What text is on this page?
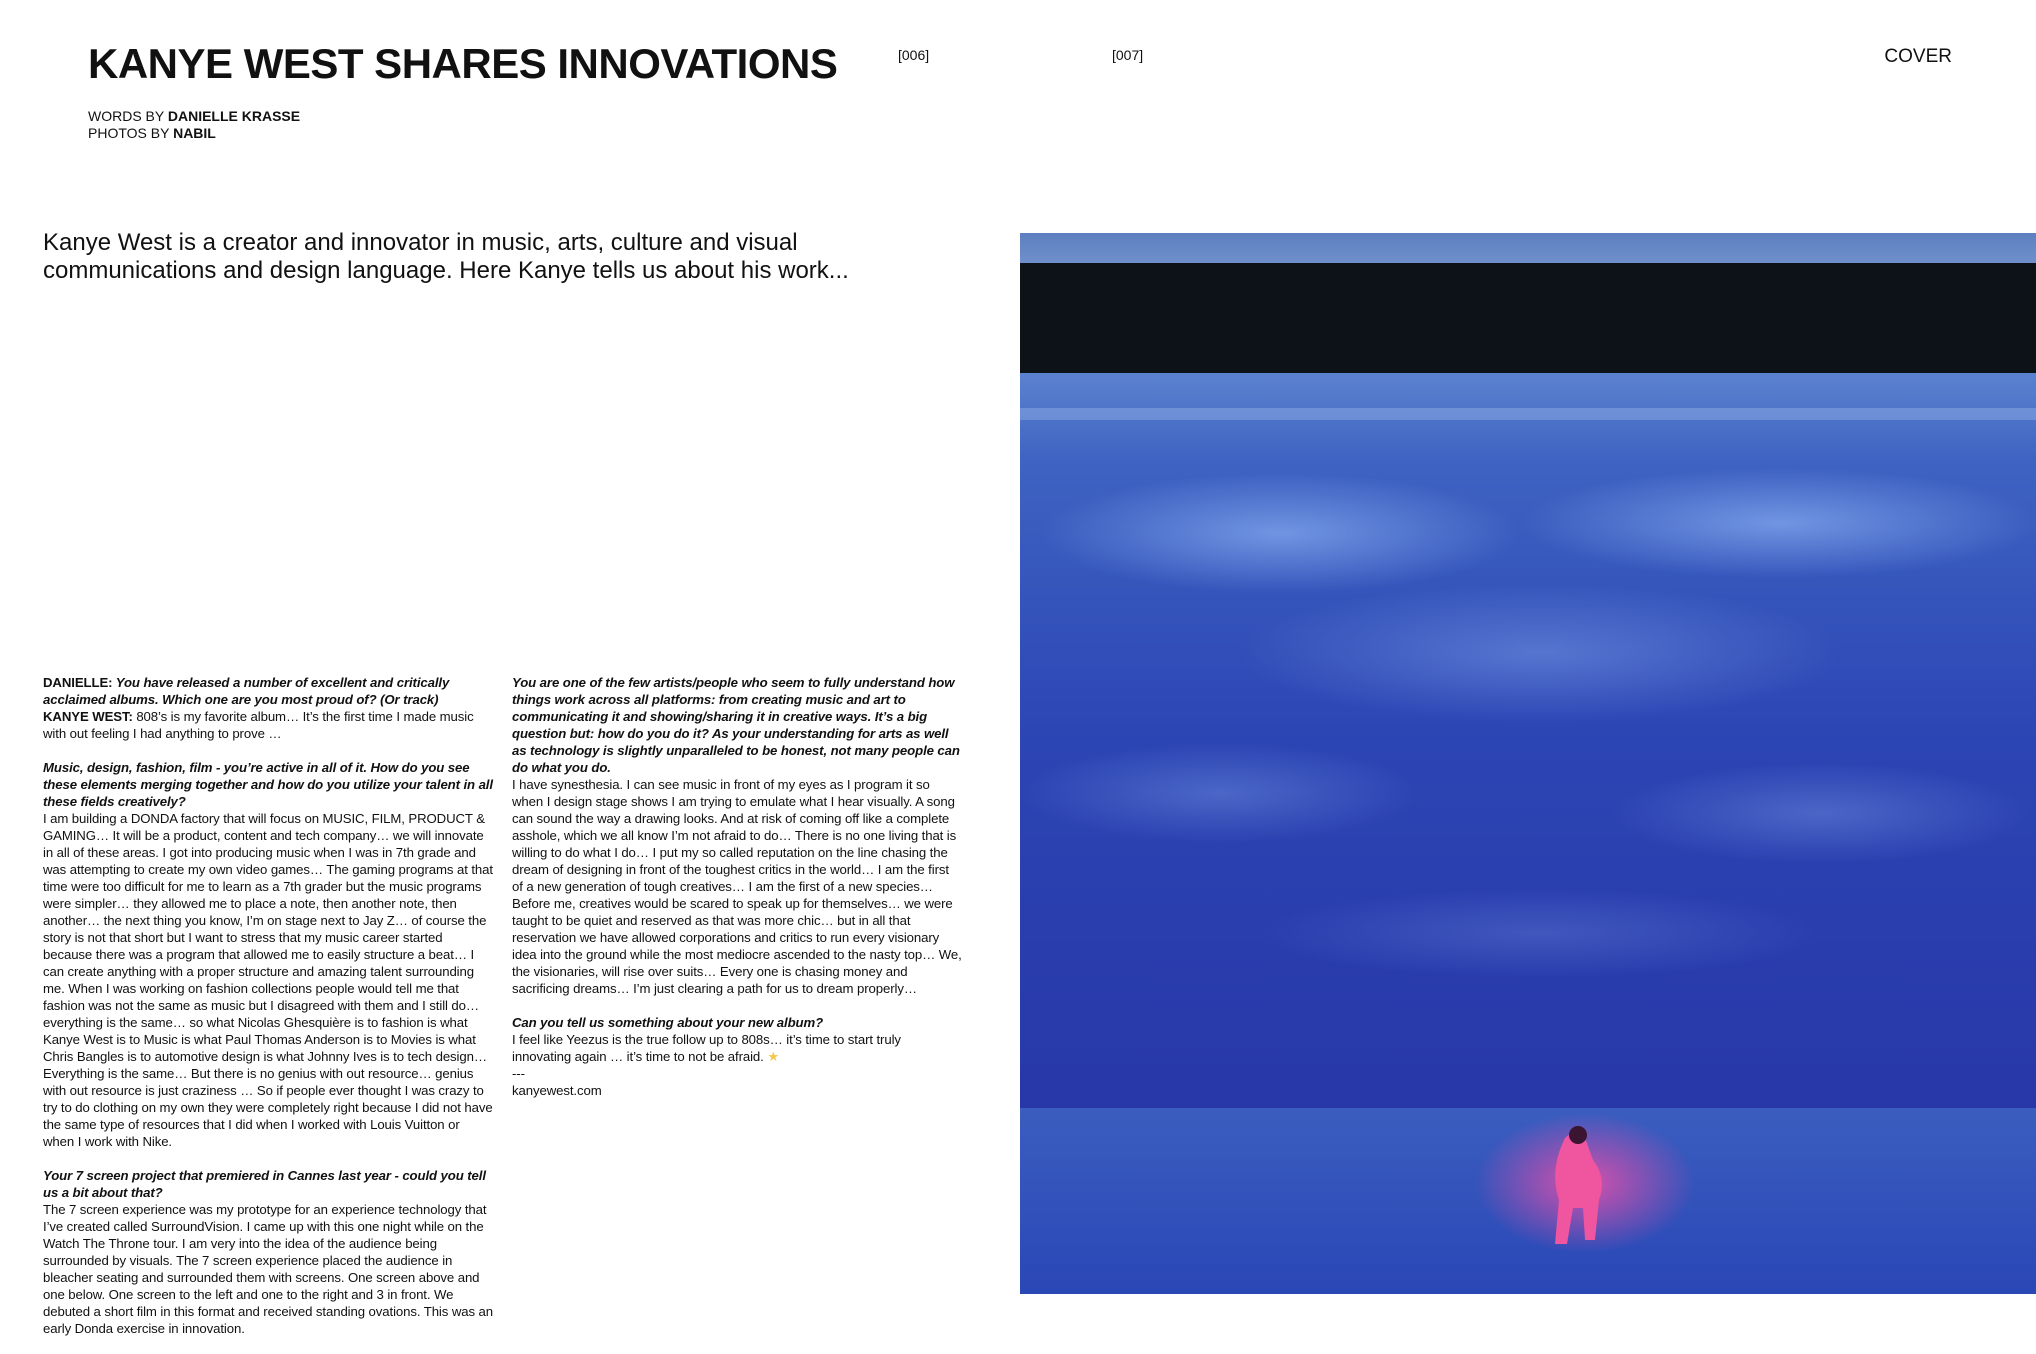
KANYE WEST SHARES INNOVATIONS	[006]	[007]	COVER
WORDS BY DANIELLE KRASSE
PHOTOS BY NABIL

Kanye West is a creator and innovator in music, arts, culture and visual communications and design language. Here Kanye tells us about his work...

DANIELLE: You have released a number of excellent and critically acclaimed albums. Which one are you most proud of? (Or track)
KANYE WEST: 808’s is my favorite album… It’s the first time I made music with out feeling I had anything to prove …

Music, design, fashion, film - you’re active in all of it. How do you see these elements merging together and how do you utilize your talent in all these fields creatively?
I am building a DONDA factory that will focus on MUSIC, FILM, PRODUCT & GAMING… It will be a product, content and tech company… we will innovate in all of these areas. I got into producing music when I was in 7th grade and was attempting to create my own video games… The gaming programs at that time were too difficult for me to learn as a 7th grader but the music programs were simpler… they allowed me to place a note, then another note, then another… the next thing you know, I’m on stage next to Jay Z… of course the story is not that short but I want to stress that my music career started because there was a program that allowed me to easily structure a beat… I can create anything with a proper structure and amazing talent surrounding me. When I was working on fashion collections people would tell me that fashion was not the same as music but I disagreed with them and I still do… everything is the same… so what Nicolas Ghesquière is to fashion is what Kanye West is to Music is what Paul Thomas Anderson is to Movies is what Chris Bangles is to automotive design is what Johnny Ives is to tech design… Everything is the same… But there is no genius with out resource… genius with out resource is just craziness … So if people ever thought I was crazy to try to do clothing on my own they were completely right because I did not have the same type of resources that I did when I worked with Louis Vuitton or when I work with Nike.

Your 7 screen project that premiered in Cannes last year - could you tell us a bit about that?
The 7 screen experience was my prototype for an experience technology that I’ve created called SurroundVision. I came up with this one night while on the Watch The Throne tour. I am very into the idea of the audience being surrounded by visuals. The 7 screen experience placed the audience in bleacher seating and surrounded them with screens. One screen above and one below. One screen to the left and one to the right and 3 in front. We debuted a short film in this format and received standing ovations. This was an early Donda exercise in innovation.

You are one of the few artists/people who seem to fully understand how things work across all platforms: from creating music and art to communicating it and showing/sharing it in creative ways. It’s a big question but: how do you do it? As your understanding for arts as well as technology is slightly unparalleled to be honest, not many people can do what you do.
I have synesthesia. I can see music in front of my eyes as I program it so when I design stage shows I am trying to emulate what I hear visually. A song can sound the way a drawing looks. And at risk of coming off like a complete asshole, which we all know I’m not afraid to do… There is no one living that is willing to do what I do… I put my so called reputation on the line chasing the dream of designing in front of the toughest critics in the world… I am the first of a new generation of tough creatives… I am the first of a new species… Before me, creatives would be scared to speak up for themselves… we were taught to be quiet and reserved as that was more chic… but in all that reservation we have allowed corporations and critics to run every visionary idea into the ground while the most mediocre ascended to the nasty top… We, the visionaries, will rise over suits… Every one is chasing money and sacrificing dreams… I’m just clearing a path for us to dream properly…

Can you tell us something about your new album?
I feel like Yeezus is the true follow up to 808s… it’s time to start truly innovating again … it’s time to not be afraid. ★
---
kanyewest.com
